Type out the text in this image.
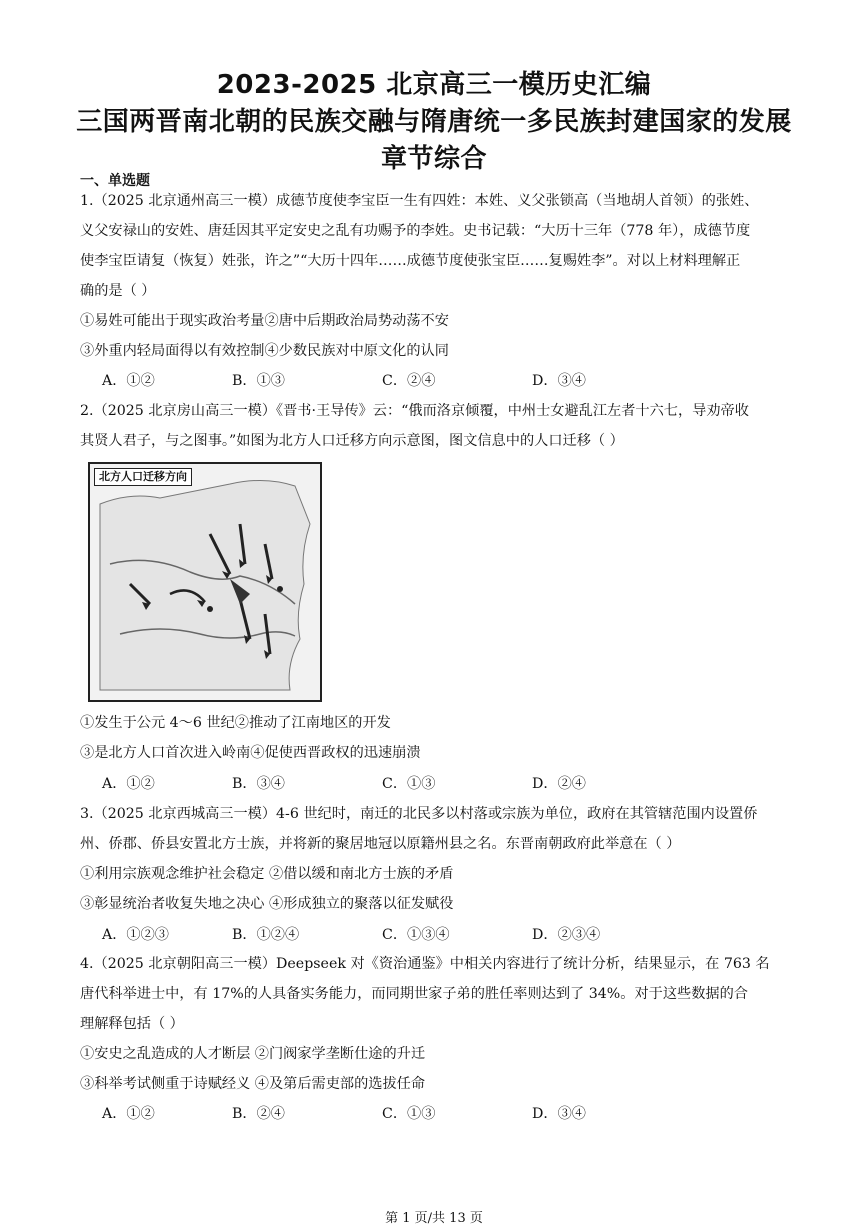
2023-2025 北京高三一模历史汇编
三国两晋南北朝的民族交融与隋唐统一多民族封建国家的发展
章节综合
一、单选题
1.（2025 北京通州高三一模）成德节度使李宝臣一生有四姓：本姓、义父张锁高（当地胡人首领）的张姓、
义父安禄山的安姓、唐廷因其平定安史之乱有功赐予的李姓。史书记载：“大历十三年（778 年），成德节度
使李宝臣请复（恢复）姓张，许之”“大历十四年……成德节度使张宝臣……复赐姓李”。对以上材料理解正
确的是（ ）
①易姓可能出于现实政治考量②唐中后期政治局势动荡不安
③外重内轻局面得以有效控制④少数民族对中原文化的认同
A．①②	B．①③	C．②④	D．③④
2.（2025 北京房山高三一模）《晋书·王导传》云：“俄而洛京倾覆，中州士女避乱江左者十六七，导劝帝收
其贤人君子，与之图事。”如图为北方人口迁移方向示意图，图文信息中的人口迁移（ ）
北方人口迁移方向
①发生于公元 4～6 世纪②推动了江南地区的开发
③是北方人口首次进入岭南④促使西晋政权的迅速崩溃
A．①②	B．③④	C．①③	D．②④
3.（2025 北京西城高三一模）4-6 世纪时，南迁的北民多以村落或宗族为单位，政府在其管辖范围内设置侨
州、侨郡、侨县安置北方士族，并将新的聚居地冠以原籍州县之名。东晋南朝政府此举意在（ ）
①利用宗族观念维护社会稳定 ②借以缓和南北方士族的矛盾
③彰显统治者收复失地之决心 ④形成独立的聚落以征发赋役
A．①②③	B．①②④	C．①③④	D．②③④
4.（2025 北京朝阳高三一模）Deepseek 对《资治通鉴》中相关内容进行了统计分析，结果显示，在 763 名
唐代科举进士中，有 17%的人具备实务能力，而同期世家子弟的胜任率则达到了 34%。对于这些数据的合
理解释包括（ ）
①安史之乱造成的人才断层 ②门阀家学垄断仕途的升迁
③科举考试侧重于诗赋经义 ④及第后需吏部的选拔任命
A．①②	B．②④	C．①③	D．③④
第 1 页/共 13 页
